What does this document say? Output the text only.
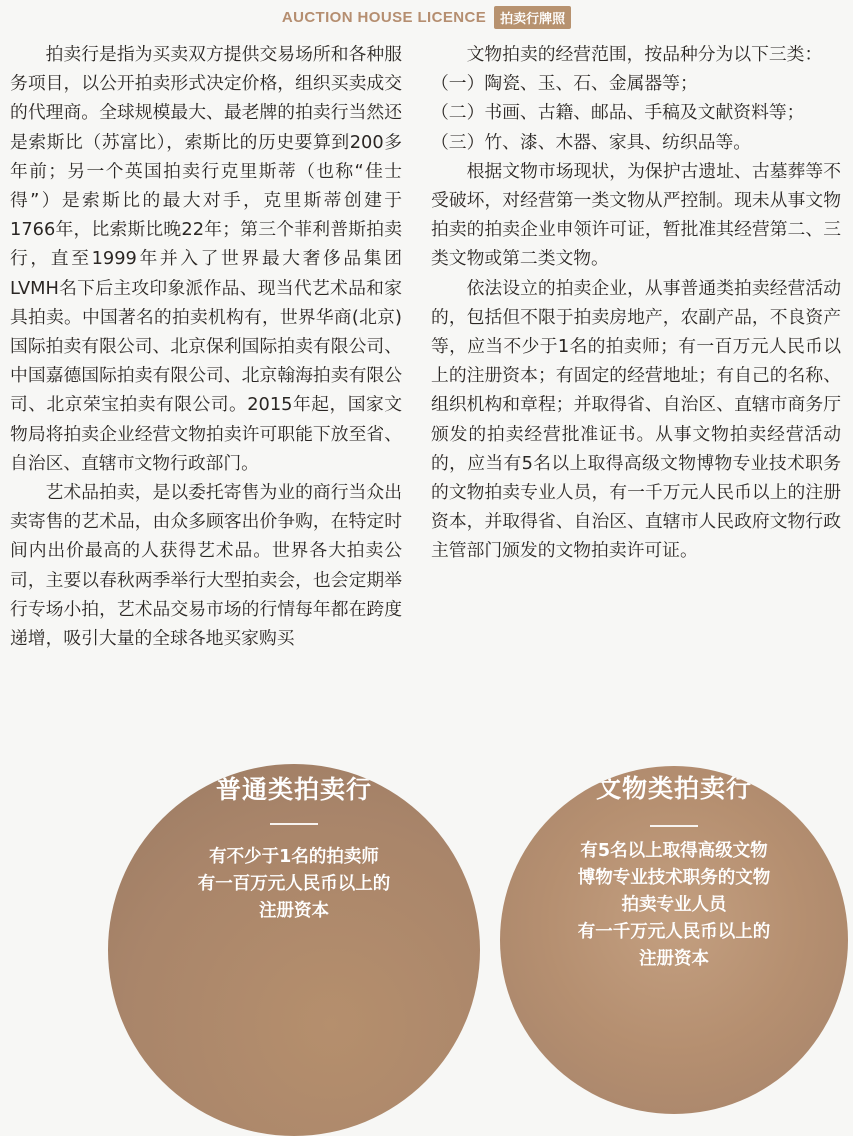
AUCTION HOUSE LICENCE 拍卖行牌照

拍卖行是指为买卖双方提供交易场所和各种服务项目，以公开拍卖形式决定价格，组织买卖成交的代理商。全球规模最大、最老牌的拍卖行当然还是索斯比（苏富比），索斯比的历史要算到200多年前；另一个英国拍卖行克里斯蒂（也称“佳士得”）是索斯比的最大对手，克里斯蒂创建于1766年，比索斯比晚22年；第三个菲利普斯拍卖行，直至1999年并入了世界最大奢侈品集团LVMH名下后主攻印象派作品、现当代艺术品和家具拍卖。中国著名的拍卖机构有，世界华商(北京)国际拍卖有限公司、北京保利国际拍卖有限公司、中国嘉德国际拍卖有限公司、北京翰海拍卖有限公司、北京荣宝拍卖有限公司。2015年起，国家文物局将拍卖企业经营文物拍卖许可职能下放至省、自治区、直辖市文物行政部门。

艺术品拍卖，是以委托寄售为业的商行当众出卖寄售的艺术品，由众多顾客出价争购，在特定时间内出价最高的人获得艺术品。世界各大拍卖公司，主要以春秋两季举行大型拍卖会，也会定期举行专场小拍，艺术品交易市场的行情每年都在跨度递增，吸引大量的全球各地买家购买

文物拍卖的经营范围，按品种分为以下三类：

（一）陶瓷、玉、石、金属器等；

（二）书画、古籍、邮品、手稿及文献资料等；

（三）竹、漆、木器、家具、纺织品等。

根据文物市场现状，为保护古遗址、古墓葬等不受破坏，对经营第一类文物从严控制。现未从事文物拍卖的拍卖企业申领许可证，暂批准其经营第二、三类文物或第二类文物。

依法设立的拍卖企业，从事普通类拍卖经营活动的，包括但不限于拍卖房地产，农副产品，不良资产等，应当不少于1名的拍卖师；有一百万元人民币以上的注册资本；有固定的经营地址；有自己的名称、组织机构和章程；并取得省、自治区、直辖市商务厅颁发的拍卖经营批准证书。从事文物拍卖经营活动的，应当有5名以上取得高级文物博物专业技术职务的文物拍卖专业人员，有一千万元人民币以上的注册资本，并取得省、自治区、直辖市人民政府文物行政主管部门颁发的文物拍卖许可证。

普通类拍卖行
有不少于1名的拍卖师
有一百万元人民币以上的
注册资本
文物类拍卖行
有5名以上取得高级文物
博物专业技术职务的文物
拍卖专业人员
有一千万元人民币以上的
注册资本
